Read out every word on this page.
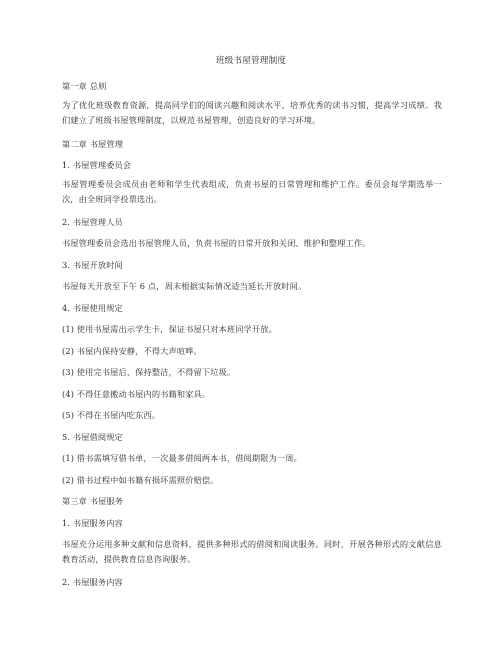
班级书屋管理制度
第一章 总则
为了优化班级教育资源，提高同学们的阅读兴趣和阅读水平，培养优秀的读书习惯，提高学习成绩。我们建立了班级书屋管理制度，以规范书屋管理，创造良好的学习环境。
第二章 书屋管理
1. 书屋管理委员会
书屋管理委员会成员由老师和学生代表组成，负责书屋的日常管理和维护工作。委员会每学期选举一次，由全班同学投票选出。
2. 书屋管理人员
书屋管理委员会选出书屋管理人员，负责书屋的日常开放和关闭、维护和整理工作。
3. 书屋开放时间
书屋每天开放至下午 6 点，周末根据实际情况适当延长开放时间。
4. 书屋使用规定
(1) 使用书屋需出示学生卡，保证书屋只对本班同学开放。
(2) 书屋内保持安静，不得大声喧哗。
(3) 使用完书屋后，保持整洁，不得留下垃圾。
(4) 不得任意搬动书屋内的书籍和家具。
(5) 不得在书屋内吃东西。
5. 书屋借阅规定
(1) 借书需填写借书单，一次最多借阅两本书，借阅期限为一周。
(2) 借书过程中如书籍有损坏需照价赔偿。
第三章 书屋服务
1. 书屋服务内容
书屋充分运用多种文献和信息资料，提供多种形式的借阅和阅读服务。同时，开展各种形式的文献信息教育活动，提供教育信息咨询服务。
2. 书屋服务内容
